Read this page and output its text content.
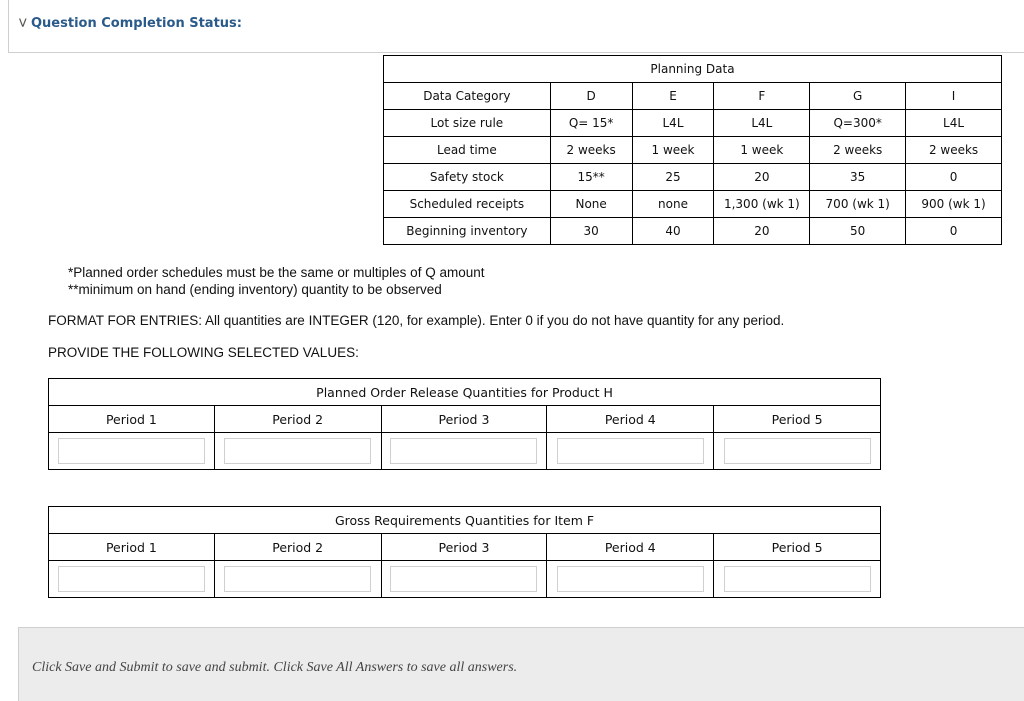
⋁ Question Completion Status:
Planning Data					
Data Category	D	E	F	G	I
Lot size rule	Q= 15*	L4L	L4L	Q=300*	L4L
Lead time	2 weeks	1 week	1 week	2 weeks	2 weeks
Safety stock	15**	25	20	35	0
Scheduled receipts	None	none	1,300 (wk 1)	700 (wk 1)	900 (wk 1)
Beginning inventory	30	40	20	50	0
*Planned order schedules must be the same or multiples of Q amount
**minimum on hand (ending inventory) quantity to be observed
FORMAT FOR ENTRIES: All quantities are INTEGER (120, for example). Enter 0 if you do not have quantity for any period.
PROVIDE THE FOLLOWING SELECTED VALUES:
Planned Order Release Quantities for Product H				
Period 1	Period 2	Period 3	Period 4	Period 5

Gross Requirements Quantities for Item F				
Period 1	Period 2	Period 3	Period 4	Period 5

Click Save and Submit to save and submit. Click Save All Answers to save all answers.
